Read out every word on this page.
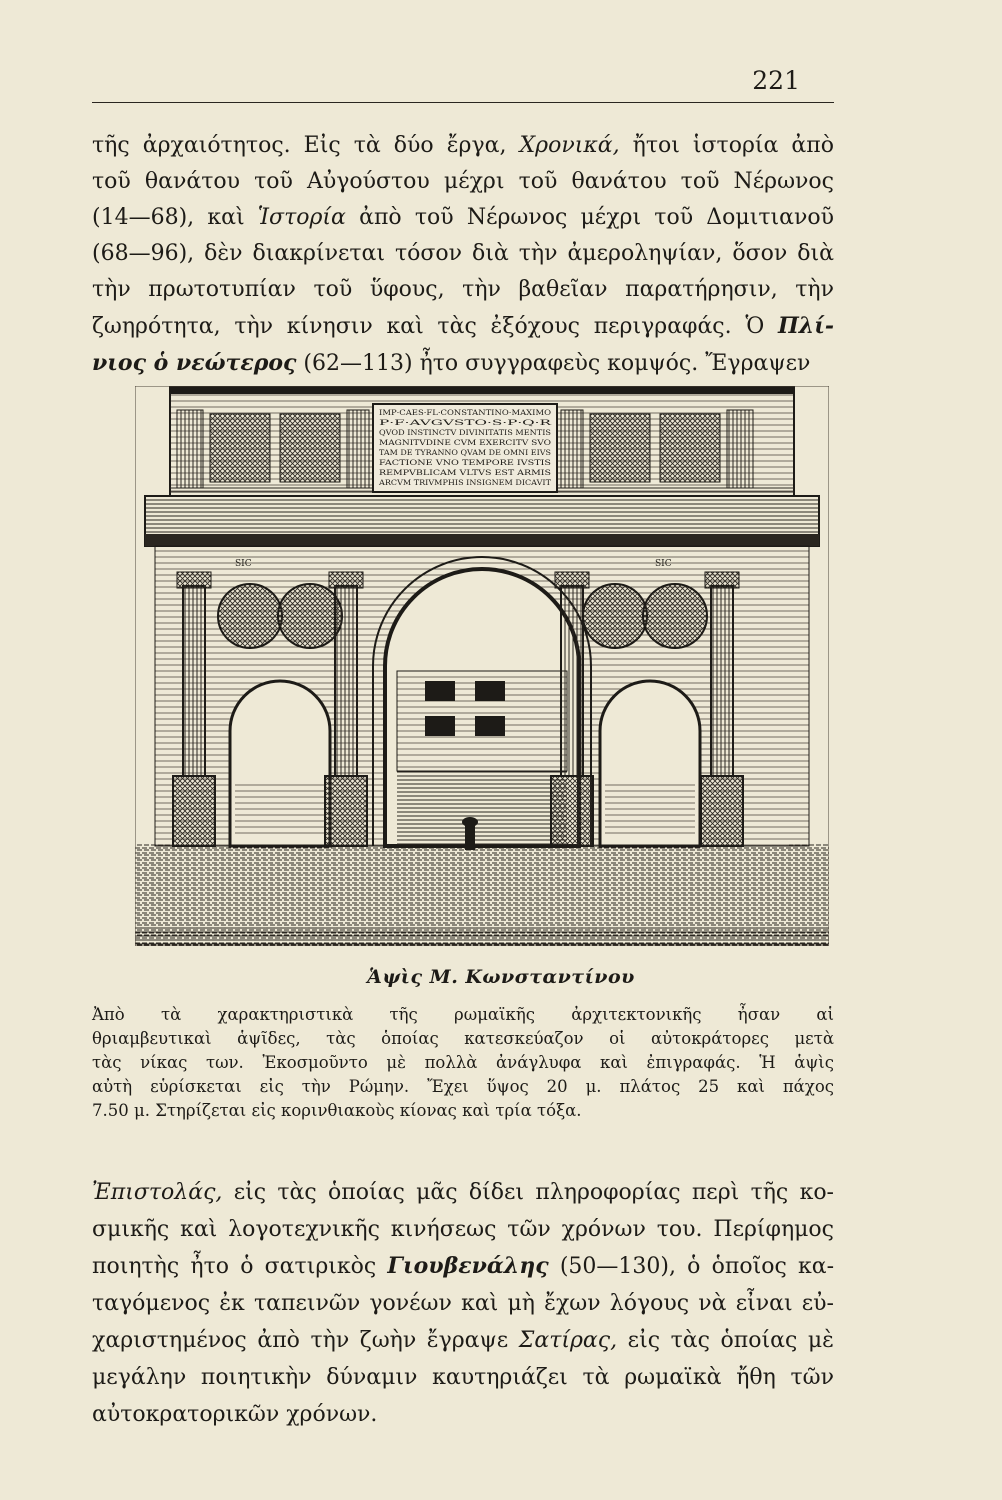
221
τῆς ἀρχαιότητος. Εἰς τὰ δύο ἔργα, Χρονικά, ἤτοι ἱστορία ἀπὸ
τοῦ θανάτου τοῦ Αὐγούστου μέχρι τοῦ θανάτου τοῦ Νέρωνος
(14—68), καὶ Ἱστορία ἀπὸ τοῦ Νέρωνος μέχρι τοῦ Δομιτιανοῦ
(68—96), δὲν διακρίνεται τόσον διὰ τὴν ἀμεροληψίαν, ὅσον διὰ
τὴν πρωτοτυπίαν τοῦ ὕφους, τὴν βαθεῖαν παρατήρησιν, τὴν
ζωηρότητα, τὴν κίνησιν καὶ τὰς ἐξόχους περιγραφάς. Ὁ Πλί-
νιος ὁ νεώτερος (62—113) ἦτο συγγραφεὺς κομψός. Ἔγραψεν
IMP·CAES·FL·CONSTANTINO·MAXIMO
P·F·AVGVSTO·S·P·Q·R
QVOD INSTINCTV DIVINITATIS MENTIS
MAGNITVDINE CVM EXERCITV SVO
TAM DE TYRANNO QVAM DE OMNI EIVS
FACTIONE VNO TEMPORE IVSTIS
REMPVBLICAM VLTVS EST ARMIS
ARCVM TRIVMPHIS INSIGNEM DICAVIT
Ἁψὶς Μ. Κωνσταντίνου
Ἀπὸ τὰ χαρακτηριστικὰ τῆς ρωμαϊκῆς ἀρχιτεκτονικῆς ἦσαν αἱ
θριαμβευτικαὶ ἁψῖδες, τὰς ὁποίας κατεσκεύαζον οἱ αὐτοκράτορες μετὰ
τὰς νίκας των. Ἐκοσμοῦντο μὲ πολλὰ ἀνάγλυφα καὶ ἐπιγραφάς. Ἡ ἁψὶς
αὐτὴ εὑρίσκεται εἰς τὴν Ρώμην. Ἔχει ὕψος 20 μ. πλάτος 25 καὶ πάχος
7.50 μ. Στηρίζεται εἰς κορινθιακοὺς κίονας καὶ τρία τόξα.
Ἐπιστολάς, εἰς τὰς ὁποίας μᾶς δίδει πληροφορίας περὶ τῆς κο-
σμικῆς καὶ λογοτεχνικῆς κινήσεως τῶν χρόνων του. Περίφημος
ποιητὴς ἦτο ὁ σατιρικὸς Γιουβενάλης (50—130), ὁ ὁποῖος κα-
ταγόμενος ἐκ ταπεινῶν γονέων καὶ μὴ ἔχων λόγους νὰ εἶναι εὐ-
χαριστημένος ἀπὸ τὴν ζωὴν ἔγραψε Σατίρας, εἰς τὰς ὁποίας μὲ
μεγάλην ποιητικὴν δύναμιν καυτηριάζει τὰ ρωμαϊκὰ ἤθη τῶν
αὐτοκρατορικῶν χρόνων.
